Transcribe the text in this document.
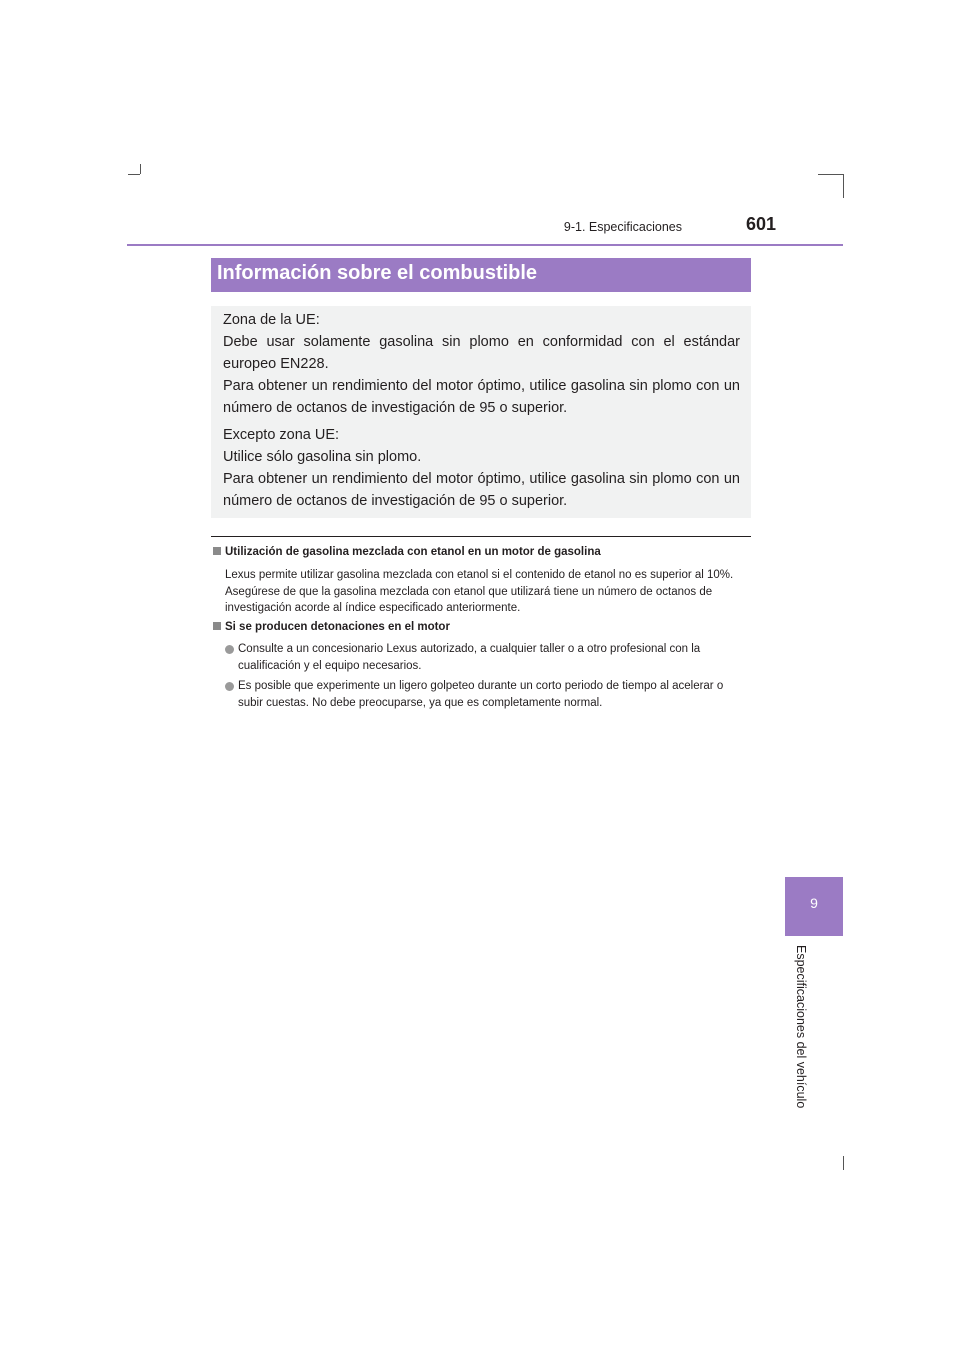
9-1. Especificaciones	601
9
Especificaciones del vehículo
Información sobre el combustible

Zona de la UE:

Debe usar solamente gasolina sin plomo en conformidad con el estándar europeo EN228.

Para obtener un rendimiento del motor óptimo, utilice gasolina sin plomo con un número de octanos de investigación de 95 o superior.

Excepto zona UE:

Utilice sólo gasolina sin plomo.

Para obtener un rendimiento del motor óptimo, utilice gasolina sin plomo con un número de octanos de investigación de 95 o superior.

Utilización de gasolina mezclada con etanol en un motor de gasolina

Lexus permite utilizar gasolina mezclada con etanol si el contenido de etanol no es superior al 10%. Asegúrese de que la gasolina mezclada con etanol que utilizará tiene un número de octanos de investigación acorde al índice especificado anteriormente.

Si se producen detonaciones en el motor

Consulte a un concesionario Lexus autorizado, a cualquier taller o a otro profesional con la cualificación y el equipo necesarios.

Es posible que experimente un ligero golpeteo durante un corto periodo de tiempo al acelerar o subir cuestas. No debe preocuparse, ya que es completamente normal.
